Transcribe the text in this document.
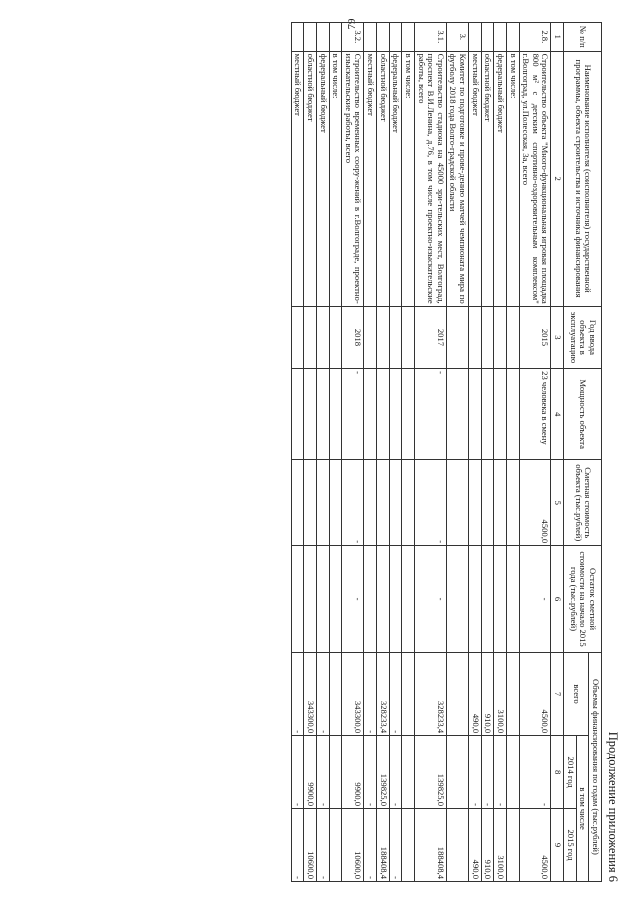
79
Продолжение приложения 6
№ п/п	Наименование исполнителя (соисполнителя) государственной программы, объекта строительства и источника финансирования	Год ввода объекта в эксплуатацию	Мощность объекта	Сметная стоимость объекта (тыс.рублей)	Остаток сметной стоимости на начало 2015 года (тыс.рублей)	Объемы финансирования по годам (тыс.рублей)		
						всего	в том числе	
							2014 год	2015 год

1	2	3	4	5	6	7	8	9
2.8.	Строительство объекта "Много-функциональная игровая площадка 800 м² с детским спортивно-оздоровительным комплексом" г.Волгоград, ул.Полесская, 3а, всего	2015	23 человека в смену	4500,0	-	4500,0	-	4500,0
	в том числе:							
	федеральный бюджет					3100,0	-	3100,0
	областной бюджет					910,0	-	910,0
	местный бюджет					490,0	-	490,0
3.	Комитет по подготовке и прове-дению матчей чемпионата мира по футболу 2018 года Волго-градской области							
3.1.	Строительство стадиона на 45000 зри-тельских мест, Волгоград, проспект В.И.Ленина, д.76, в том числе проектно-изыскательские работы, всего	2017	-	-	-	328233,4	139825,0	188408,4
	в том числе:							
	федеральный бюджет					-	-	-
	областной бюджет					328233,4	139825,0	188408,4
	местный бюджет					-	-	-
3.2.	Строительство временных соору-жений в г.Волгограде, проектно-изыскательские работы, всего	2018	-	-	-	343300,0	9900,0	10600,0
	в том числе:							
	федеральный бюджет					-	-	-
	областной бюджет					343300,0	9900,0	10600,0
	местный бюджет					-	-	-
